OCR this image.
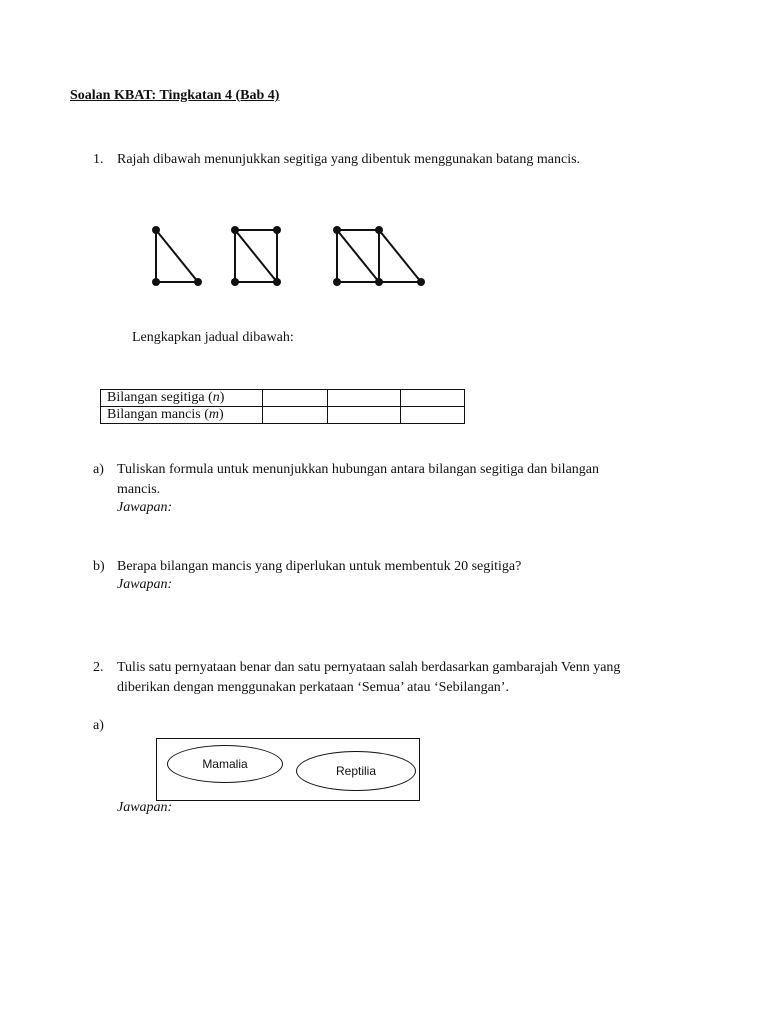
Soalan KBAT: Tingkatan 4 (Bab 4)
1. Rajah dibawah menunjukkan segitiga yang dibentuk menggunakan batang mancis.
Lengkapkan jadual dibawah:
Bilangan segitiga (n)			
Bilangan mancis (m)			
a) Tuliskan formula untuk menunjukkan hubungan antara bilangan segitiga dan bilangan
mancis.
Jawapan:
b) Berapa bilangan mancis yang diperlukan untuk membentuk 20 segitiga?
Jawapan:
2. Tulis satu pernyataan benar dan satu pernyataan salah berdasarkan gambarajah Venn yang
diberikan dengan menggunakan perkataan ‘Semua’ atau ‘Sebilangan’.
a)
Mamalia	Reptilia
Jawapan:
